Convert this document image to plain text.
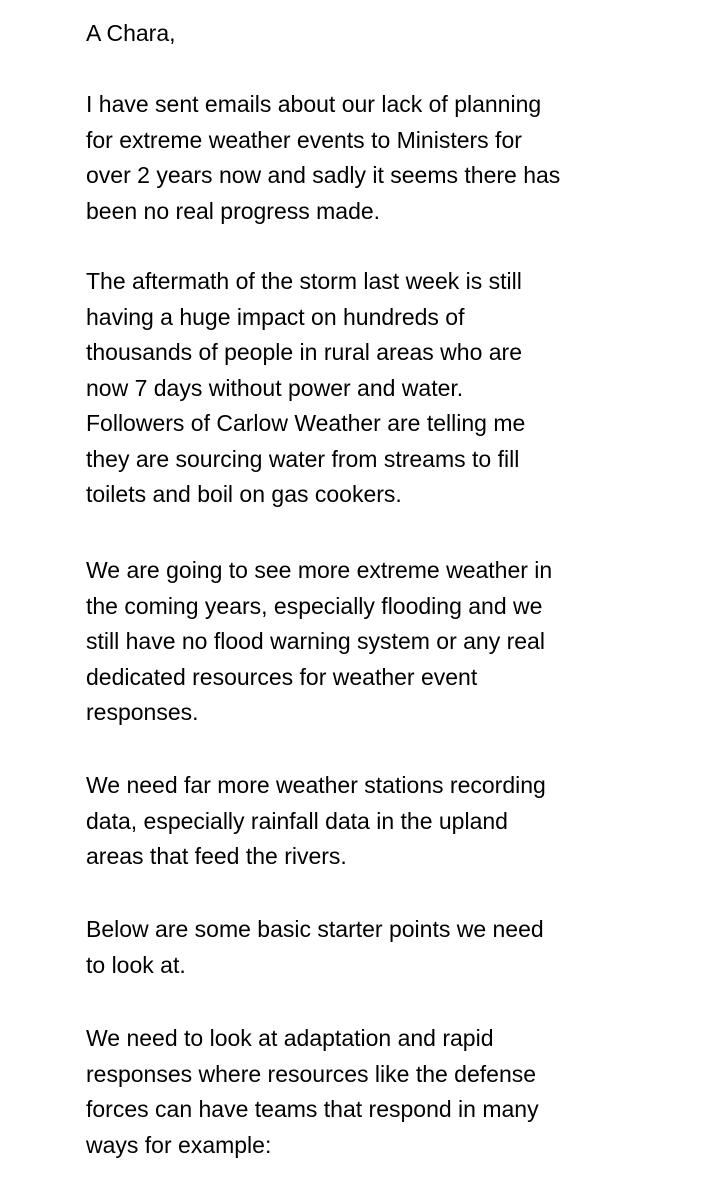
A Chara,

I have sent emails about our lack of planning
for extreme weather events to Ministers for
over 2 years now and sadly it seems there has
been no real progress made.

The aftermath of the storm last week is still
having a huge impact on hundreds of
thousands of people in rural areas who are
now 7 days without power and water.
Followers of Carlow Weather are telling me
they are sourcing water from streams to fill
toilets and boil on gas cookers.

We are going to see more extreme weather in
the coming years, especially flooding and we
still have no flood warning system or any real
dedicated resources for weather event
responses.

We need far more weather stations recording
data, especially rainfall data in the upland
areas that feed the rivers.

Below are some basic starter points we need
to look at.

We need to look at adaptation and rapid
responses where resources like the defense
forces can have teams that respond in many
ways for example:
